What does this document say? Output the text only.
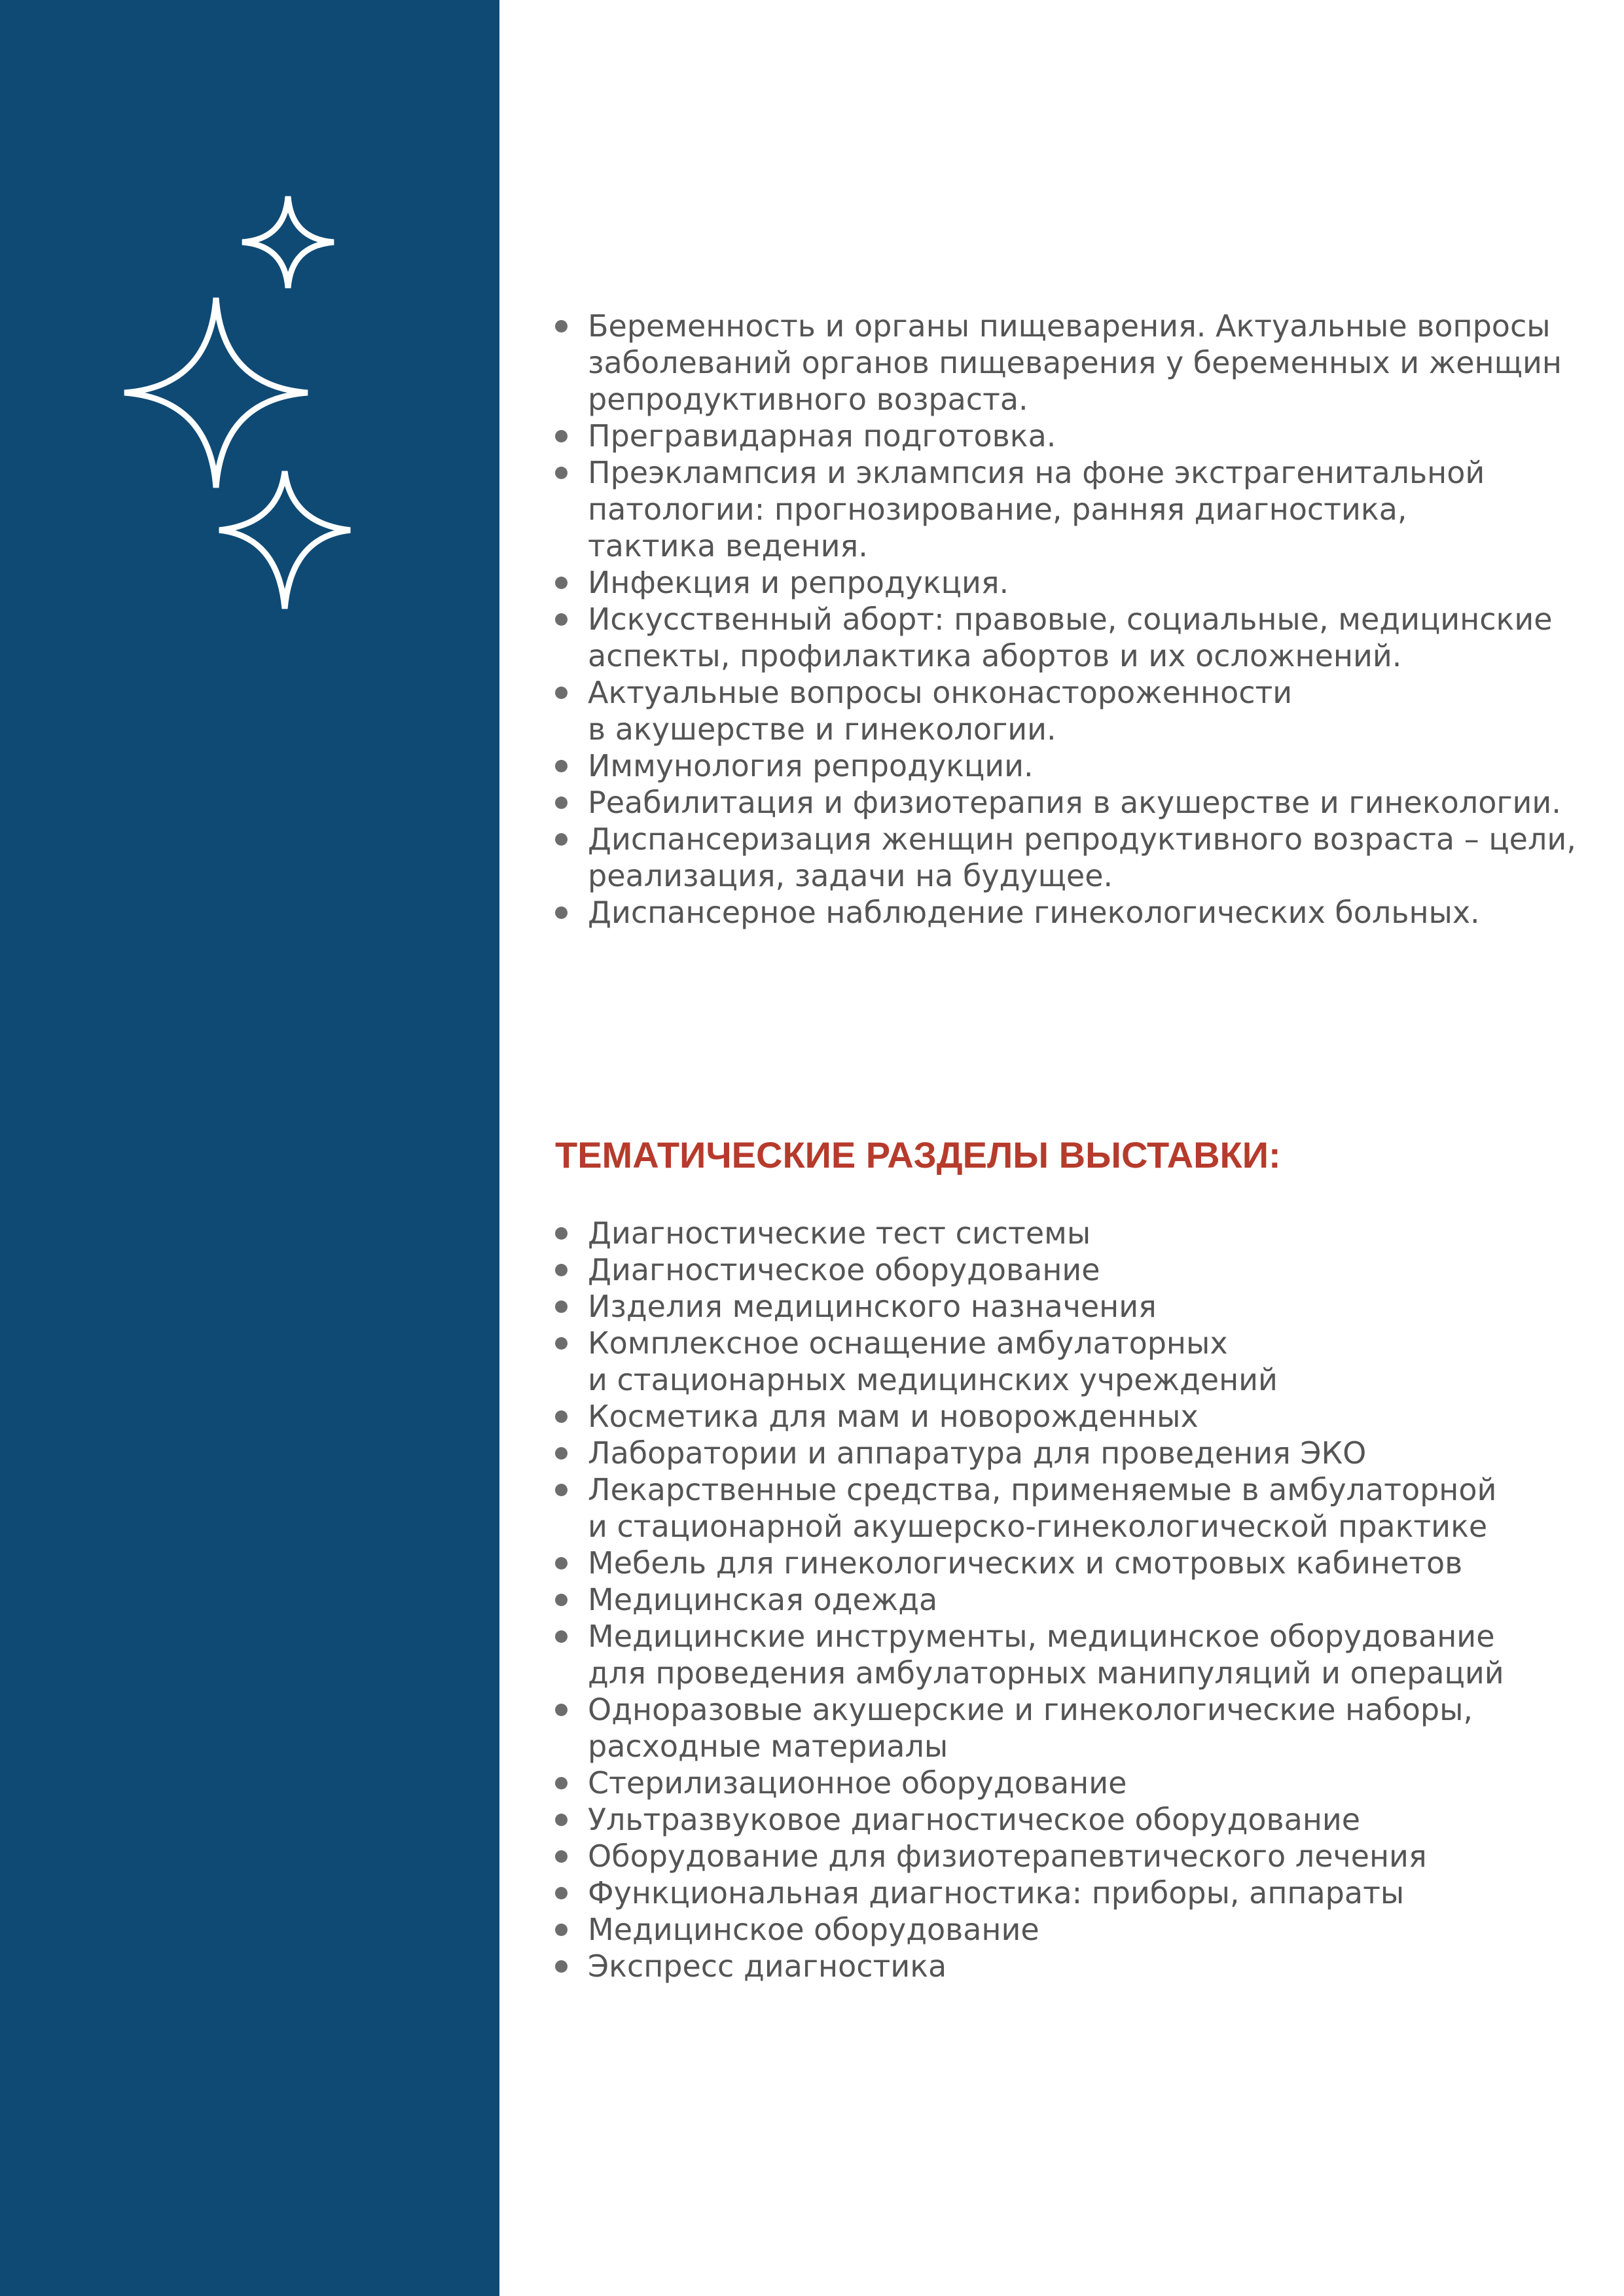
Беременность и органы пищеварения. Актуальные вопросы
заболеваний органов пищеварения у беременных и женщин
репродуктивного возраста.
Прегравидарная подготовка.
Преэклампсия и эклампсия на фоне экстрагенитальной
патологии: прогнозирование, ранняя диагностика,
тактика ведения.
Инфекция и репродукция.
Искусственный аборт: правовые, социальные, медицинские
аспекты, профилактика абортов и их осложнений.
Актуальные вопросы онконастороженности
в акушерстве и гинекологии.
Иммунология репродукции.
Реабилитация и физиотерапия в акушерстве и гинекологии.
Диспансеризация женщин репродуктивного возраста – цели,
реализация, задачи на будущее.
Диспансерное наблюдение гинекологических больных.
ТЕМАТИЧЕСКИЕ РАЗДЕЛЫ ВЫСТАВКИ:
Диагностические тест системы
Диагностическое оборудование
Изделия медицинского назначения
Комплексное оснащение амбулаторных
и стационарных медицинских учреждений
Косметика для мам и новорожденных
Лаборатории и аппаратура для проведения ЭКО
Лекарственные средства, применяемые в амбулаторной
и стационарной акушерско-гинекологической практике
Мебель для гинекологических и смотровых кабинетов
Медицинская одежда
Медицинские инструменты, медицинское оборудование
для проведения амбулаторных манипуляций и операций
Одноразовые акушерские и гинекологические наборы,
расходные материалы
Стерилизационное оборудование
Ультразвуковое диагностическое оборудование
Оборудование для физиотерапевтического лечения
Функциональная диагностика: приборы, аппараты
Медицинское оборудование
Экспресс диагностика
